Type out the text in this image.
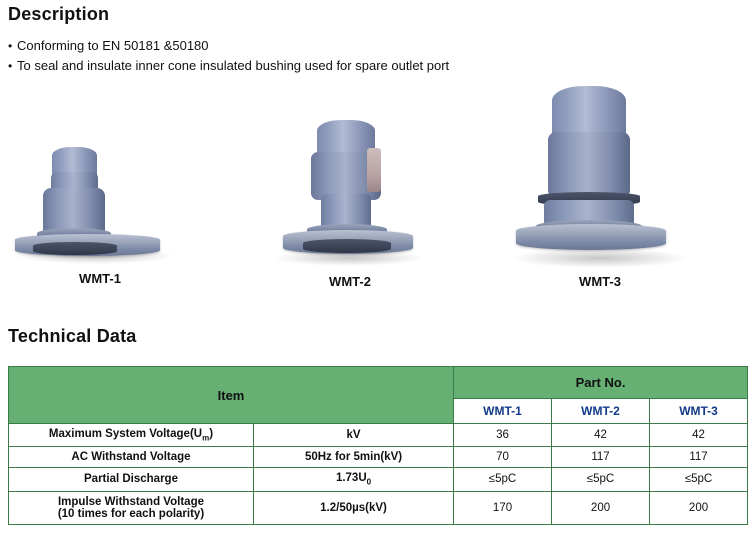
Description
• Conforming to EN 50181 &50180
• To seal and insulate inner cone insulated bushing used for spare outlet port
WMT-1	WMT-2	WMT-3
Technical Data
Item		Part No.		
		WMT-1	WMT-2	WMT-3
Maximum System $Voltage(U_m)$	kV	36	42	42
AC Withstand Voltage	50Hz for 5min(kV)	70	117	117
Partial Discharge	$1.73U_0$	≤5pC	≤5pC	≤5pC
Impulse Withstand Voltage
(10 times for each polarity)	1.2/50µs(kV)	170	200	200
